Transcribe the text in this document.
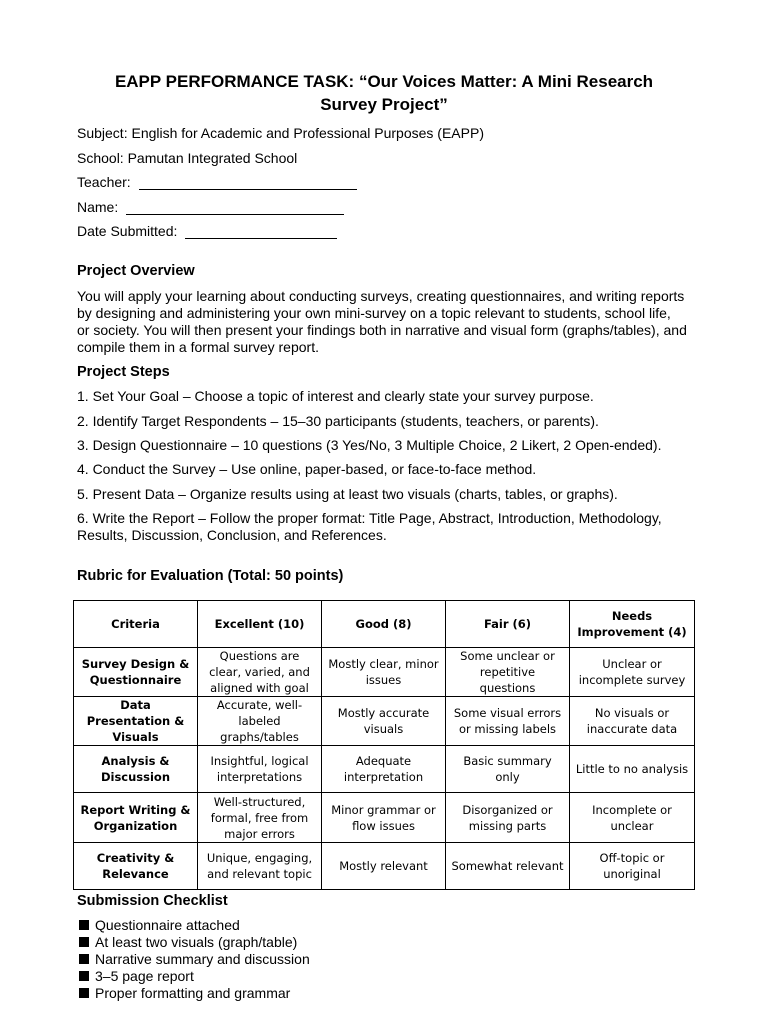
EAPP PERFORMANCE TASK: “Our Voices Matter: A Mini Research
Survey Project”
Subject: English for Academic and Professional Purposes (EAPP)
School: Pamutan Integrated School
Teacher:
Name:
Date Submitted:
Project Overview
You will apply your learning about conducting surveys, creating questionnaires, and writing reports by designing and administering your own mini-survey on a topic relevant to students, school life, or society. You will then present your findings both in narrative and visual form (graphs/tables), and compile them in a formal survey report.
Project Steps
1. Set Your Goal – Choose a topic of interest and clearly state your survey purpose.
2. Identify Target Respondents – 15–30 participants (students, teachers, or parents).
3. Design Questionnaire – 10 questions (3 Yes/No, 3 Multiple Choice, 2 Likert, 2 Open-ended).
4. Conduct the Survey – Use online, paper-based, or face-to-face method.
5. Present Data – Organize results using at least two visuals (charts, tables, or graphs).
6. Write the Report – Follow the proper format: Title Page, Abstract, Introduction, Methodology, Results, Discussion, Conclusion, and References.
Rubric for Evaluation (Total: 50 points)
Criteria	Excellent (10)	Good (8)	Fair (6)	Needs Improvement (4)
Survey Design & Questionnaire	Questions are clear, varied, and aligned with goal	Mostly clear, minor issues	Some unclear or repetitive questions	Unclear or incomplete survey
Data Presentation & Visuals	Accurate, well-labeled graphs/tables	Mostly accurate visuals	Some visual errors or missing labels	No visuals or inaccurate data
Analysis & Discussion	Insightful, logical interpretations	Adequate interpretation	Basic summary only	Little to no analysis
Report Writing & Organization	Well-structured, formal, free from major errors	Minor grammar or flow issues	Disorganized or missing parts	Incomplete or unclear
Creativity & Relevance	Unique, engaging, and relevant topic	Mostly relevant	Somewhat relevant	Off-topic or unoriginal
Submission Checklist
Questionnaire attached
At least two visuals (graph/table)
Narrative summary and discussion
3–5 page report
Proper formatting and grammar
